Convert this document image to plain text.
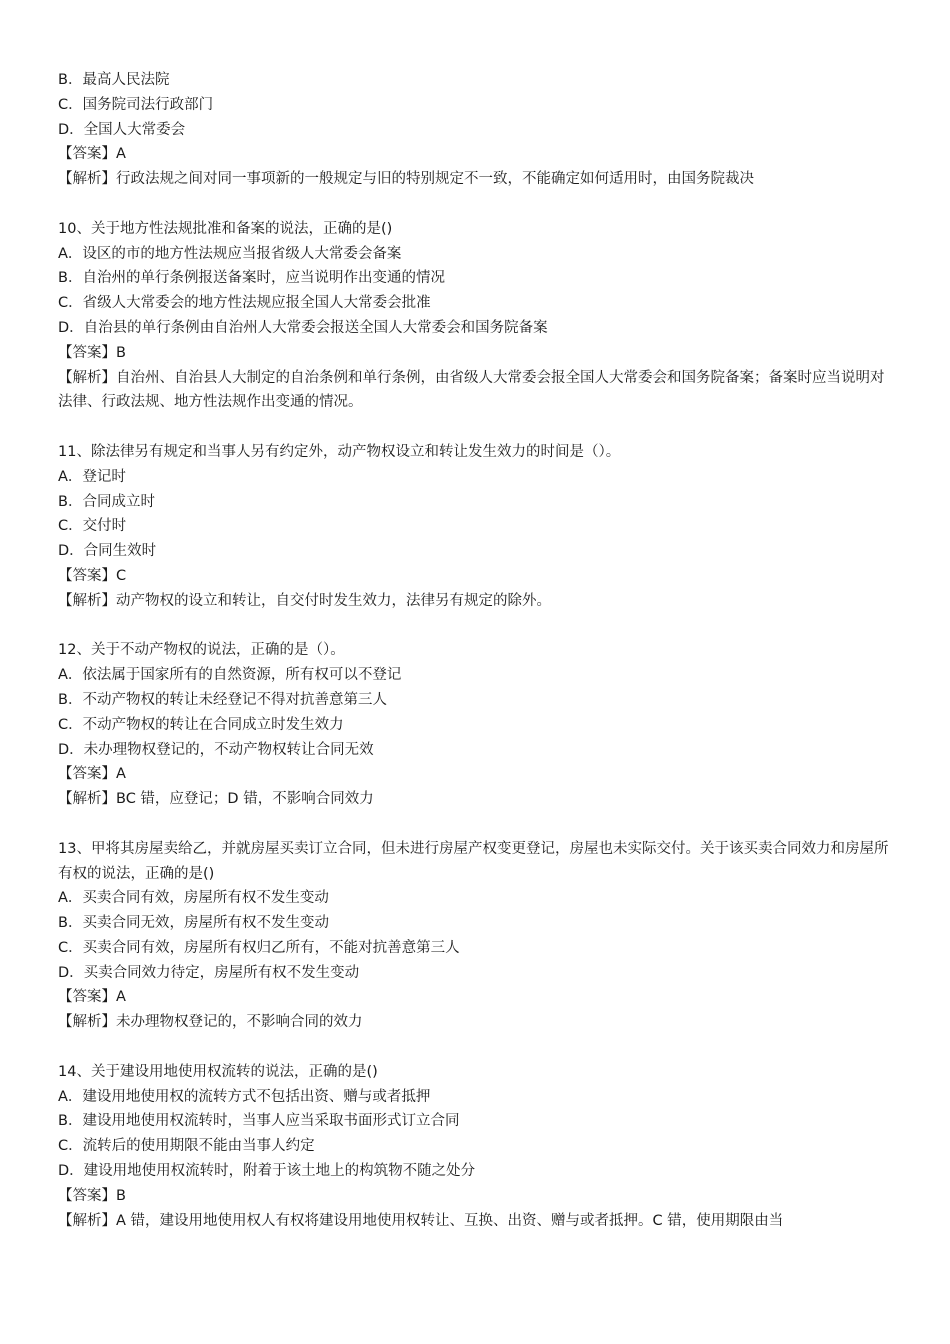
B．最高人民法院
C．国务院司法行政部门
D．全国人大常委会
【答案】A
【解析】行政法规之间对同一事项新的一般规定与旧的特别规定不一致，不能确定如何适用时，由国务院裁决
10、关于地方性法规批准和备案的说法，正确的是()
A．设区的市的地方性法规应当报省级人大常委会备案
B．自治州的单行条例报送备案时，应当说明作出变通的情况
C．省级人大常委会的地方性法规应报全国人大常委会批准
D．自治县的单行条例由自治州人大常委会报送全国人大常委会和国务院备案
【答案】B
【解析】自治州、自治县人大制定的自治条例和单行条例，由省级人大常委会报全国人大常委会和国务院备案；备案时应当说明对法律、行政法规、地方性法规作出变通的情况。
11、除法律另有规定和当事人另有约定外，动产物权设立和转让发生效力的时间是（）。
A．登记时
B．合同成立时
C．交付时
D．合同生效时
【答案】C
【解析】动产物权的设立和转让，自交付时发生效力，法律另有规定的除外。
12、关于不动产物权的说法，正确的是（）。
A．依法属于国家所有的自然资源，所有权可以不登记
B．不动产物权的转让未经登记不得对抗善意第三人
C．不动产物权的转让在合同成立时发生效力
D．未办理物权登记的，不动产物权转让合同无效
【答案】A
【解析】BC 错，应登记；D 错，不影响合同效力
13、甲将其房屋卖给乙，并就房屋买卖订立合同，但未进行房屋产权变更登记，房屋也未实际交付。关于该买卖合同效力和房屋所有权的说法，正确的是()
A．买卖合同有效，房屋所有权不发生变动
B．买卖合同无效，房屋所有权不发生变动
C．买卖合同有效，房屋所有权归乙所有，不能对抗善意第三人
D．买卖合同效力待定，房屋所有权不发生变动
【答案】A
【解析】未办理物权登记的，不影响合同的效力
14、关于建设用地使用权流转的说法，正确的是()
A．建设用地使用权的流转方式不包括出资、赠与或者抵押
B．建设用地使用权流转时，当事人应当采取书面形式订立合同
C．流转后的使用期限不能由当事人约定
D．建设用地使用权流转时，附着于该土地上的构筑物不随之处分
【答案】B
【解析】A 错，建设用地使用权人有权将建设用地使用权转让、互换、出资、赠与或者抵押。C 错，使用期限由当
